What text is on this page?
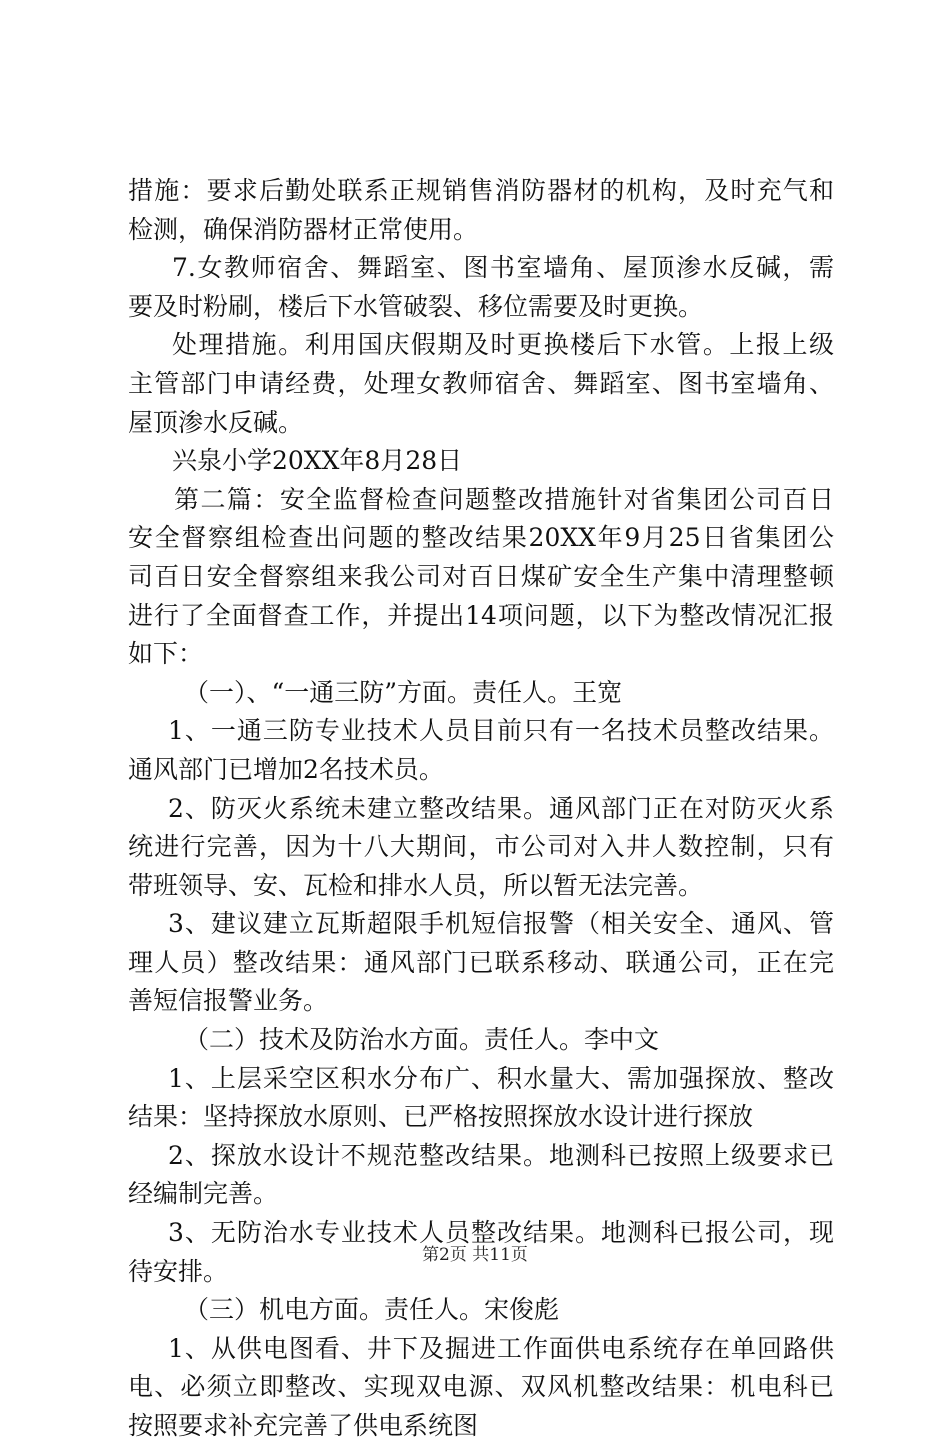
措施：要求后勤处联系正规销售消防器材的机构，及时充气和
检测，确保消防器材正常使用。
7.女教师宿舍、舞蹈室、图书室墙角、屋顶渗水反碱，需
要及时粉刷，楼后下水管破裂、移位需要及时更换。
处理措施。利用国庆假期及时更换楼后下水管。上报上级
主管部门申请经费，处理女教师宿舍、舞蹈室、图书室墙角、
屋顶渗水反碱。
兴泉小学20XX年8月28日
第二篇：安全监督检查问题整改措施针对省集团公司百日
安全督察组检查出问题的整改结果20XX年9月25日省集团公
司百日安全督察组来我公司对百日煤矿安全生产集中清理整顿
进行了全面督查工作，并提出14项问题，以下为整改情况汇报
如下：
（一）、“一通三防”方面。责任人。王宽
1、一通三防专业技术人员目前只有一名技术员整改结果。
通风部门已增加2名技术员。
2、防灭火系统未建立整改结果。通风部门正在对防灭火系
统进行完善，因为十八大期间，市公司对入井人数控制，只有
带班领导、安、瓦检和排水人员，所以暂无法完善。
3、建议建立瓦斯超限手机短信报警（相关安全、通风、管
理人员）整改结果：通风部门已联系移动、联通公司，正在完
善短信报警业务。
（二）技术及防治水方面。责任人。李中文
1、上层采空区积水分布广、积水量大、需加强探放、整改
结果：坚持探放水原则、已严格按照探放水设计进行探放
2、探放水设计不规范整改结果。地测科已按照上级要求已
经编制完善。
3、无防治水专业技术人员整改结果。地测科已报公司，现
待安排。
（三）机电方面。责任人。宋俊彪
1、从供电图看、井下及掘进工作面供电系统存在单回路供
电、必须立即整改、实现双电源、双风机整改结果：机电科已
按照要求补充完善了供电系统图
第2页 共11页
